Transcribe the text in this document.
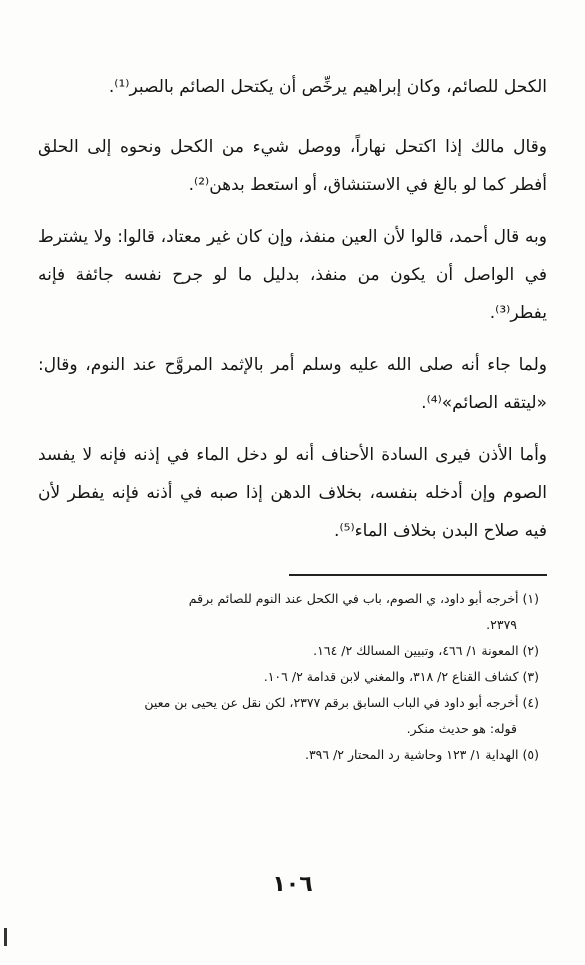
الكحل للصائم، وكان إبراهيم يرخِّص أن يكتحل الصائم بالصبر⁽¹⁾.

وقال مالك إذا اكتحل نهاراً، ووصل شيء من الكحل ونحوه إلى الحلق أفطر كما لو بالغ في الاستنشاق، أو استعط بدهن⁽²⁾.

وبه قال أحمد، قالوا لأن العين منفذ، وإن كان غير معتاد، قالوا: ولا يشترط في الواصل أن يكون من منفذ، بدليل ما لو جرح نفسه جائفة فإنه يفطر⁽³⁾.

ولما جاء أنه صلى الله عليه وسلم أمر بالإثمد المروَّح عند النوم، وقال: «ليتقه الصائم»⁽⁴⁾.

وأما الأذن فيرى السادة الأحناف أنه لو دخل الماء في إذنه فإنه لا يفسد الصوم وإن أدخله بنفسه، بخلاف الدهن إذا صبه في أذنه فإنه يفطر لأن فيه صلاح البدن بخلاف الماء⁽⁵⁾.

(١) أخرجه أبو داود، ي الصوم، باب في الكحل عند النوم للصائم برقم
٢٣٧٩.

(٢) المعونة ١/ ٤٦٦، وتبيين المسالك ٢/ ١٦٤.

(٣) كشاف القناع ٢/ ٣١٨، والمغني لابن قدامة ٢/ ١٠٦.

(٤) أخرجه أبو داود في الباب السابق برقم ٢٣٧٧، لكن نقل عن يحيى بن معين
قوله: هو حديث منكر.

(٥) الهداية ١/ ١٢٣ وحاشية رد المحتار ٢/ ٣٩٦.

١٠٦
